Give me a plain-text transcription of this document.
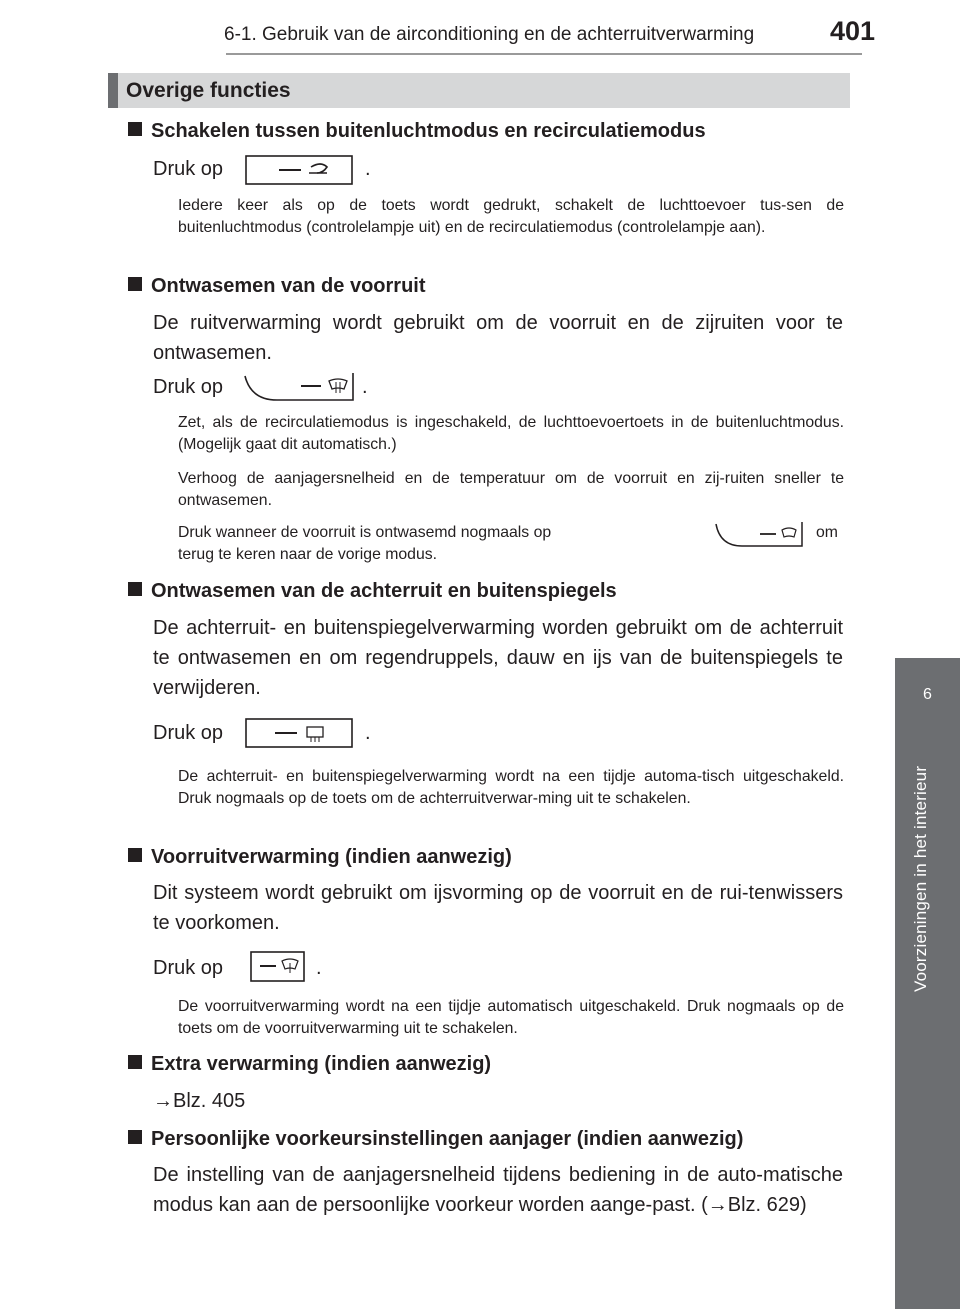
6-1. Gebruik van de airconditioning en de achterruitverwarming	401
6
Voorzieningen in het interieur
Overige functies
Schakelen tussen buitenluchtmodus en recirculatiemodus
Druk op	.
Iedere keer als op de toets wordt gedrukt, schakelt de luchttoevoer tus-sen de buitenluchtmodus (controlelampje uit) en de recirculatiemodus (controlelampje aan).
Ontwasemen van de voorruit
De ruitverwarming wordt gebruikt om de voorruit en de zijruiten voor te ontwasemen.
Druk op	.
Zet, als de recirculatiemodus is ingeschakeld, de luchttoevoertoets in de buitenluchtmodus. (Mogelijk gaat dit automatisch.)
Verhoog de aanjagersnelheid en de temperatuur om de voorruit en zij-ruiten sneller te ontwasemen.
Druk wanneer de voorruit is ontwasemd nogmaals op	om
terug te keren naar de vorige modus.
Ontwasemen van de achterruit en buitenspiegels
De achterruit- en buitenspiegelverwarming worden gebruikt om de achterruit te ontwasemen en om regendruppels, dauw en ijs van de buitenspiegels te verwijderen.
Druk op	.
De achterruit- en buitenspiegelverwarming wordt na een tijdje automa-tisch uitgeschakeld. Druk nogmaals op de toets om de achterruitverwar-ming uit te schakelen.
Voorruitverwarming (indien aanwezig)
Dit systeem wordt gebruikt om ijsvorming op de voorruit en de rui-tenwissers te voorkomen.
Druk op	.
De voorruitverwarming wordt na een tijdje automatisch uitgeschakeld. Druk nogmaals op de toets om de voorruitverwarming uit te schakelen.
Extra verwarming (indien aanwezig)
→Blz. 405
Persoonlijke voorkeursinstellingen aanjager (indien aanwezig)
De instelling van de aanjagersnelheid tijdens bediening in de auto-matische modus kan aan de persoonlijke voorkeur worden aange-past. (→Blz. 629)
